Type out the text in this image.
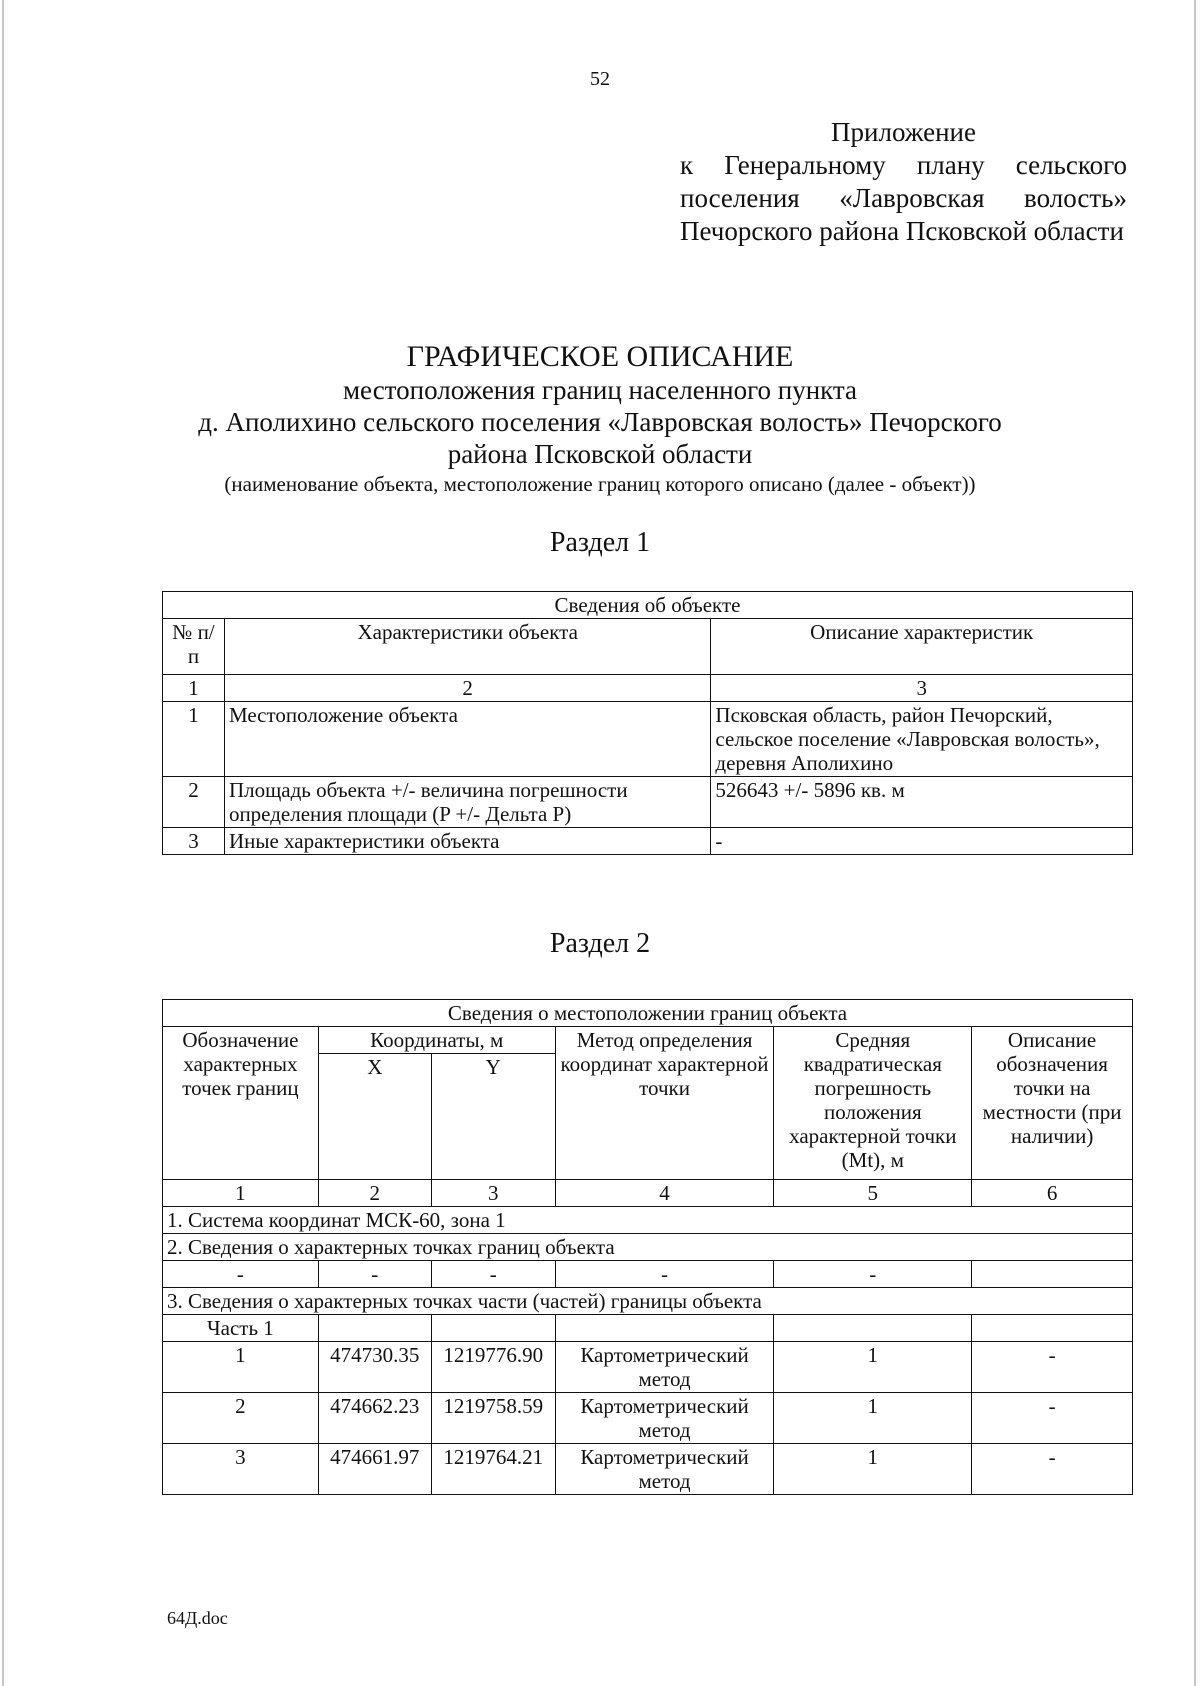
52
Приложение
к Генеральному плану сельского поселения «Лавровская волость» Печорского района Псковской области
ГРАФИЧЕСКОЕ ОПИСАНИЕ
местоположения границ населенного пункта
д. Аполихино сельского поселения «Лавровская волость» Печорского
района Псковской области
(наименование объекта, местоположение границ которого описано (далее - объект))
Раздел 1
Сведения об объекте		
№ п/п	Характеристики объекта	Описание характеристик
1	2	3
1	Местоположение объекта	Псковская область, район Печорский, сельское поселение «Лавровская волость», деревня Аполихино
2	Площадь объекта +/- величина погрешности определения площади (P +/- Дельта P)	526643 +/- 5896 кв. м
3	Иные характеристики объекта	-
Раздел 2
Сведения о местоположении границ объекта					
Обозначение характерных точек границ	Координаты, м		Метод определения координат характерной точки	Средняя квадратическая погрешность положения характерной точки (Mt), м	Описание обозначения точки на местности (при наличии)
	X	Y			
1	2	3	4	5	6
1. Система координат МСК-60, зона 1					
2. Сведения о характерных точках границ объекта					
-	-	-	-	-	
3. Сведения о характерных точках части (частей) границы объекта					
Часть 1					
1	474730.35	1219776.90	Картометрический метод	1	-
2	474662.23	1219758.59	Картометрический метод	1	-
3	474661.97	1219764.21	Картометрический метод	1	-
64Д.doc
